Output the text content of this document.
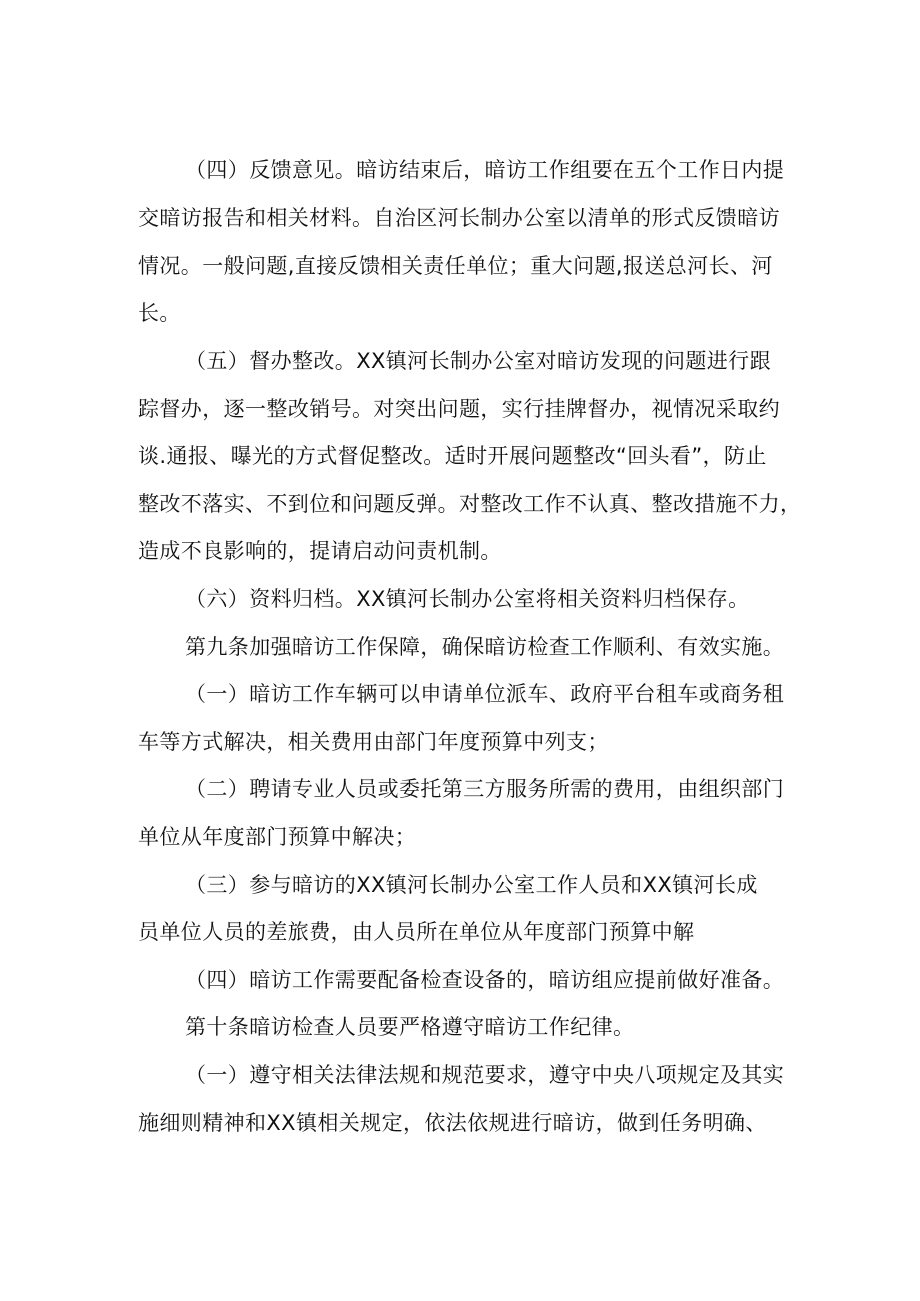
（四）反馈意见。暗访结束后，暗访工作组要在五个工作日内提
交暗访报告和相关材料。自治区河长制办公室以清单的形式反馈暗访
情况。一般问题,直接反馈相关责任单位；重大问题,报送总河长、河
长。
（五）督办整改。XX镇河长制办公室对暗访发现的问题进行跟
踪督办，逐一整改销号。对突出问题，实行挂牌督办，视情况采取约
谈.通报、曝光的方式督促整改。适时开展问题整改“回头看”，防止
整改不落实、不到位和问题反弹。对整改工作不认真、整改措施不力，
造成不良影响的，提请启动问责机制。
（六）资料归档。XX镇河长制办公室将相关资料归档保存。
第九条加强暗访工作保障，确保暗访检查工作顺利、有效实施。
（一）暗访工作车辆可以申请单位派车、政府平台租车或商务租
车等方式解决，相关费用由部门年度预算中列支；
（二）聘请专业人员或委托第三方服务所需的费用，由组织部门
单位从年度部门预算中解决；
（三）参与暗访的XX镇河长制办公室工作人员和XX镇河长成
员单位人员的差旅费，由人员所在单位从年度部门预算中解
（四）暗访工作需要配备检查设备的，暗访组应提前做好准备。
第十条暗访检查人员要严格遵守暗访工作纪律。
（一）遵守相关法律法规和规范要求，遵守中央八项规定及其实
施细则精神和XX镇相关规定，依法依规进行暗访，做到任务明确、
